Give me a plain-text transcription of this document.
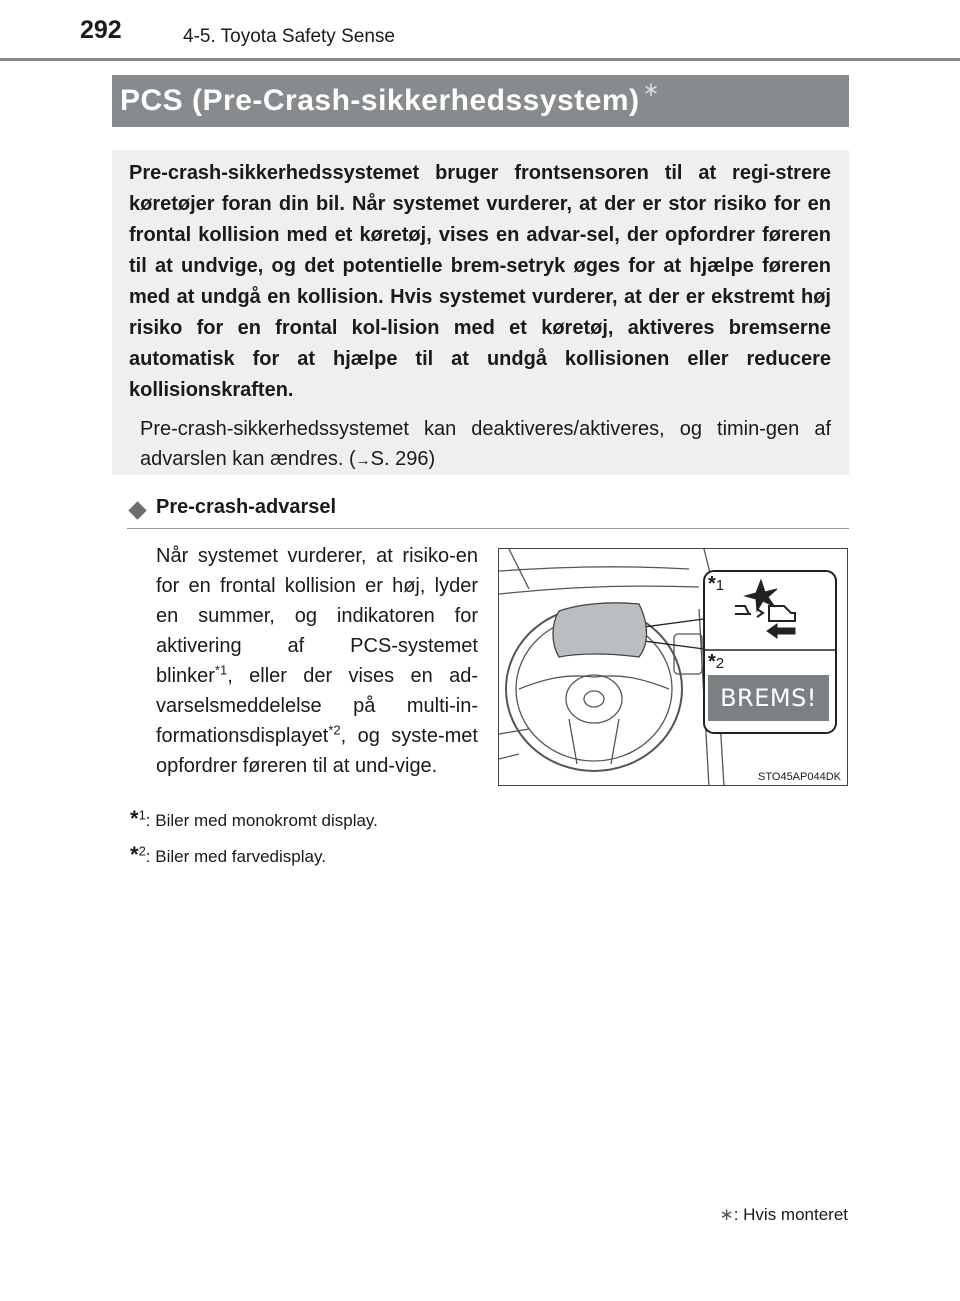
292	4-5. Toyota Safety Sense
PCS (Pre-Crash-sikkerhedssystem) ∗

Pre-crash-sikkerhedssystemet bruger frontsensoren til at regi-strere køretøjer foran din bil. Når systemet vurderer, at der er stor risiko for en frontal kollision med et køretøj, vises en advar-sel, der opfordrer føreren til at undvige, og det potentielle brem-setryk øges for at hjælpe føreren med at undgå en kollision. Hvis systemet vurderer, at der er ekstremt høj risiko for en frontal kol-lision med et køretøj, aktiveres bremserne automatisk for at hjælpe til at undgå kollisionen eller reducere kollisionskraften.

Pre-crash-sikkerhedssystemet kan deaktiveres/aktiveres, og timin-gen af advarslen kan ændres. (→S. 296)

Pre-crash-advarsel

Når systemet vurderer, at risiko-en for en frontal kollision er høj, lyder en summer, og indikatoren for aktivering af PCS-systemet blinker$^{*1}$, eller der vises en ad-varselsmeddelelse på multi-in-formationsdisplayet$^{*2}$, og syste-met opfordrer føreren til at und-vige.

*$^1$: Biler med monokromt display.

*$^2$: Biler med farvedisplay.

*1
*2
BREMS!
STO45AP044DK
∗: Hvis monteret
